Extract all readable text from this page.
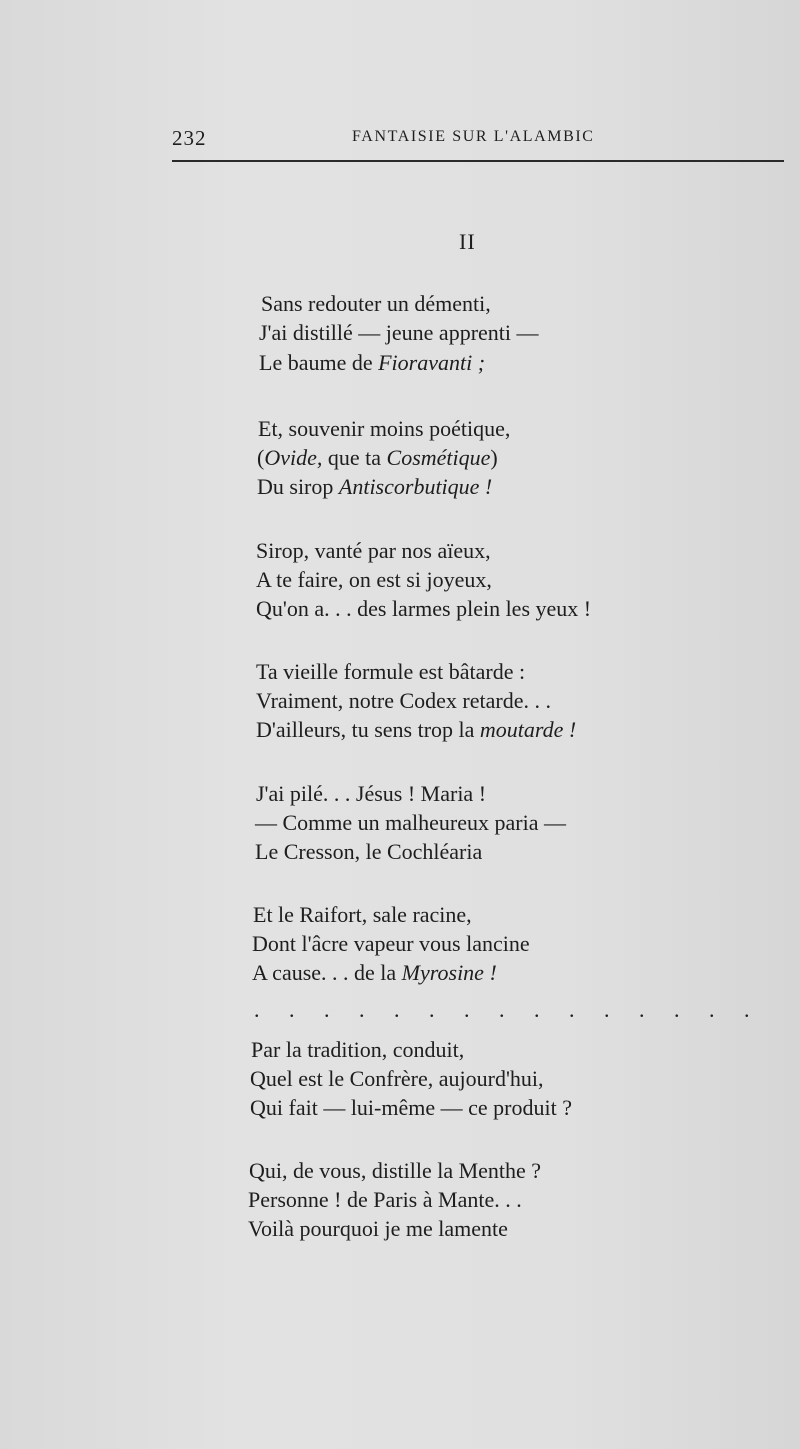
232	FANTAISIE SUR L'ALAMBIC
II
Sans redouter un démenti,
J'ai distillé — jeune apprenti —
Le baume de Fioravanti ;
Et, souvenir moins poétique,
(Ovide, que ta Cosmétique)
Du sirop Antiscorbutique !
Sirop, vanté par nos aïeux,
A te faire, on est si joyeux,
Qu'on a. . . des larmes plein les yeux !
Ta vieille formule est bâtarde :
Vraiment, notre Codex retarde. . .
D'ailleurs, tu sens trop la moutarde !
J'ai pilé. . . Jésus ! Maria !
— Comme un malheureux paria —
Le Cresson, le Cochléaria
Et le Raifort, sale racine,
Dont l'âcre vapeur vous lancine
A cause. . . de la Myrosine !
. . . . . . . . . . . . . . .
Par la tradition, conduit,
Quel est le Confrère, aujourd'hui,
Qui fait — lui-même — ce produit ?
Qui, de vous, distille la Menthe ?
Personne ! de Paris à Mante. . .
Voilà pourquoi je me lamente
